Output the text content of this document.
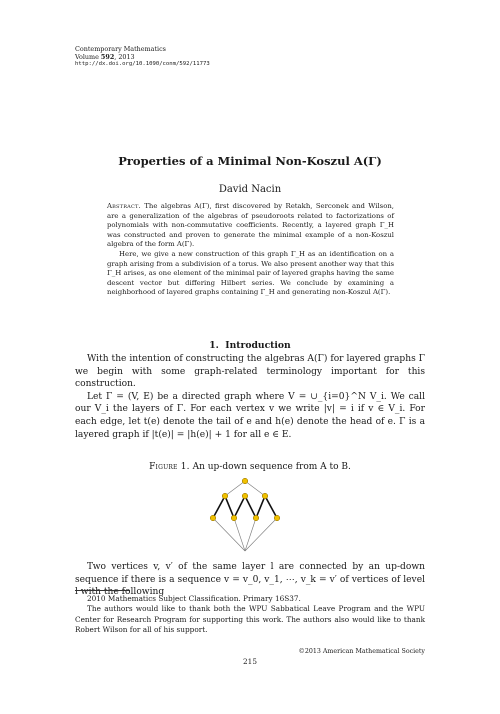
Contemporary Mathematics
Volume 592, 2013
http://dx.doi.org/10.1090/conm/592/11773
Properties of a Minimal Non-Koszul A(Γ)
David Nacin

Abstract. The algebras A(Γ), first discovered by Retakh, Serconek and Wilson, are a generalization of the algebras of pseudoroots related to factorizations of polynomials with non-commutative coefficients. Recently, a layered graph Γ_H was constructed and proven to generate the minimal example of a non-Koszul algebra of the form A(Γ).

Here, we give a new construction of this graph Γ_H as an identification on a graph arising from a subdivision of a torus. We also present another way that this Γ_H arises, as one element of the minimal pair of layered graphs having the same descent vector but differing Hilbert series. We conclude by examining a neighborhood of layered graphs containing Γ_H and generating non-Koszul A(Γ).

1. Introduction

With the intention of constructing the algebras A(Γ) for layered graphs Γ we begin with some graph-related terminology important for this construction.

Let Γ = (V, E) be a directed graph where V = ∪_{i=0}^N V_i. We call our V_i the layers of Γ. For each vertex v we write |v| = i if v ∈ V_i. For each edge, let t(e) denote the tail of e and h(e) denote the head of e. Γ is a layered graph if |t(e)| = |h(e)| + 1 for all e ∈ E.

Figure 1. An up-down sequence from A to B.

Two vertices v, v′ of the same layer l are connected by an up-down sequence if there is a sequence v = v_0, v_1, ⋯, v_k = v′ of vertices of level l with the following

2010 Mathematics Subject Classification. Primary 16S37.

The authors would like to thank both the WPU Sabbatical Leave Program and the WPU Center for Research Program for supporting this work. The authors also would like to thank Robert Wilson for all of his support.

©2013 American Mathematical Society
215
